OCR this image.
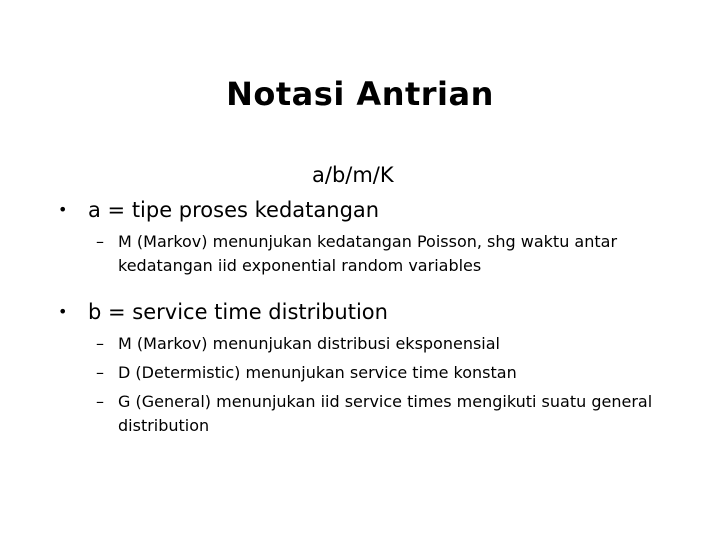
Notasi Antrian
a/b/m/K
• a = tipe proses kedatangan
– M (Markov) menunjukan kedatangan Poisson, shg waktu antar kedatangan iid exponential random variables
• b = service time distribution
– M (Markov) menunjukan distribusi eksponensial
– D (Determistic) menunjukan service time konstan
– G (General) menunjukan iid service times mengikuti suatu general distribution
